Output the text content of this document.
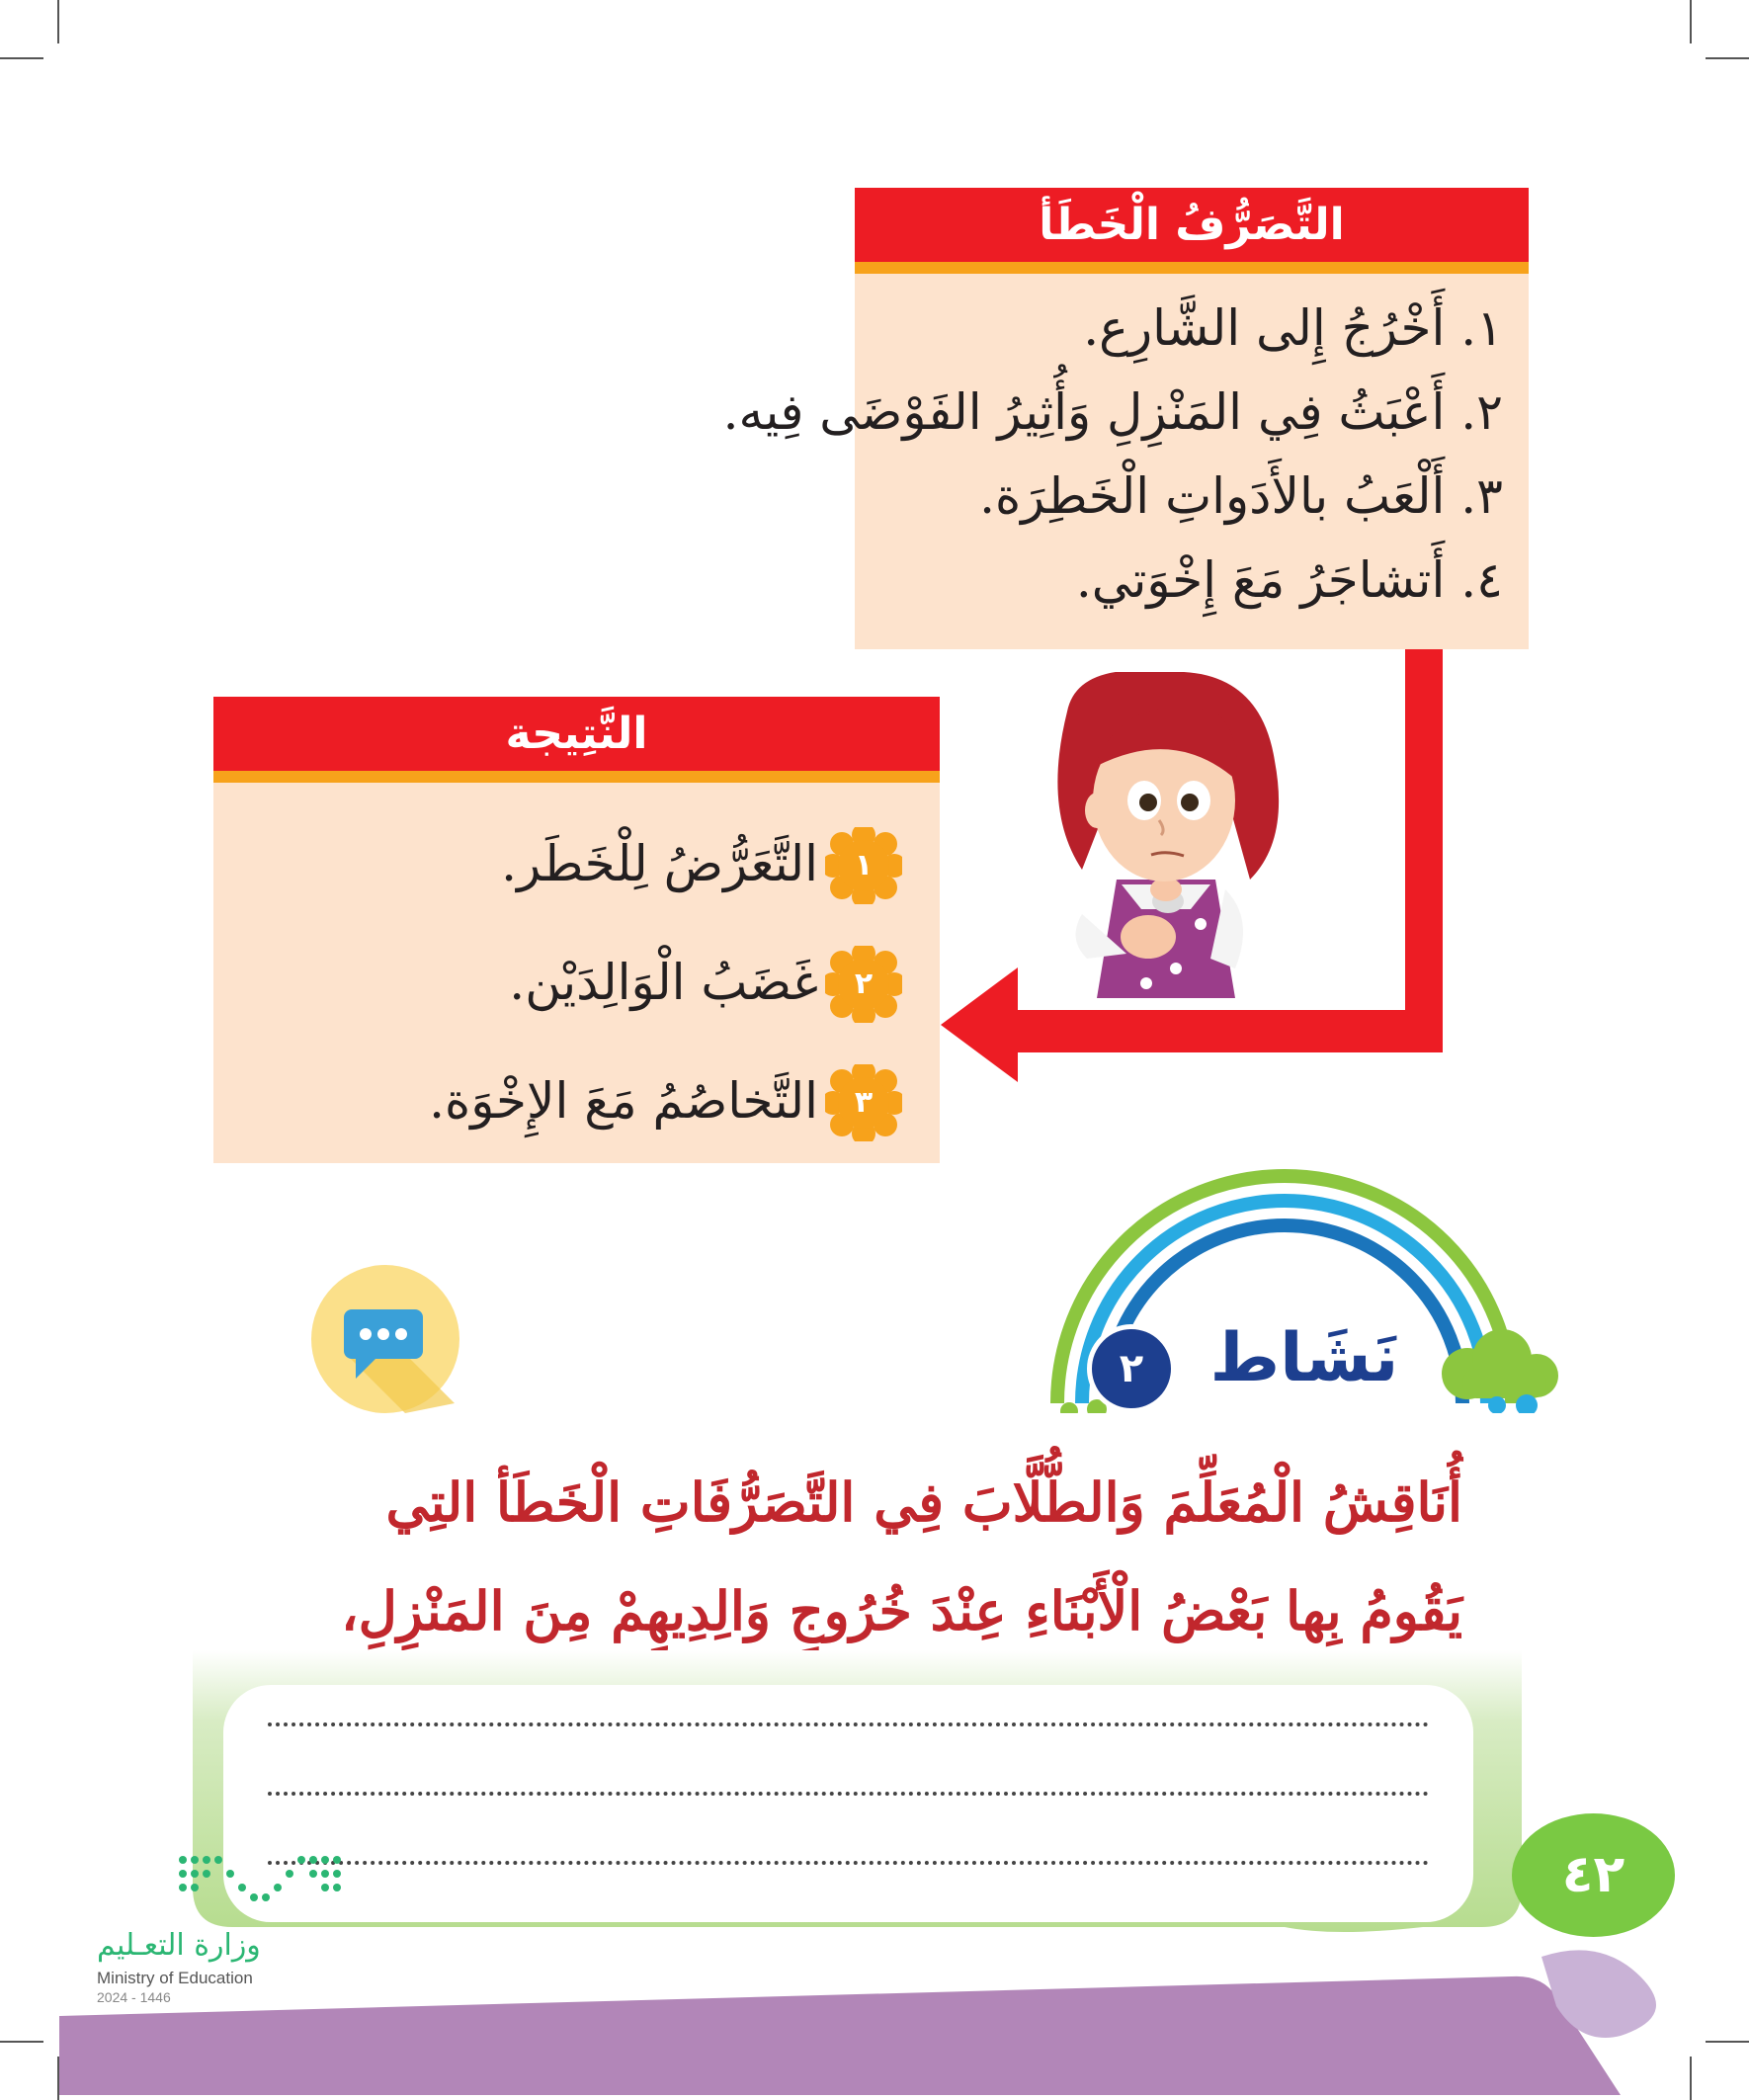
التَّصَرُّفُ الْخَطَأ
١. أَخْرُجُ إِلى الشَّارِع.
٢. أَعْبَثُ فِي المَنْزِلِ وَأُثِيرُ الفَوْضَى فِيه.
٣. أَلْعَبُ بالأَدَواتِ الْخَطِرَة.
٤. أَتشاجَرُ مَعَ إِخْوَتي.
النَّتِيجة
١
التَّعَرُّضُ لِلْخَطَر.
٢
غَضَبُ الْوَالِدَيْن.
٣
التَّخاصُمُ مَعَ الإِخْوَة.
٢ نَشَاط
أُنَاقِشُ الْمُعَلِّمَ وَالطُّلَّابَ فِي التَّصَرُّفَاتِ الْخَطَأ التِي يَقُومُ بِها بَعْضُ الْأَبْنَاءِ عِنْدَ خُرُوجِ وَالِدِيهِمْ مِنَ المَنْزِلِ،
٤٢
وزارة التعـليم
Ministry of Education
2024 - 1446
